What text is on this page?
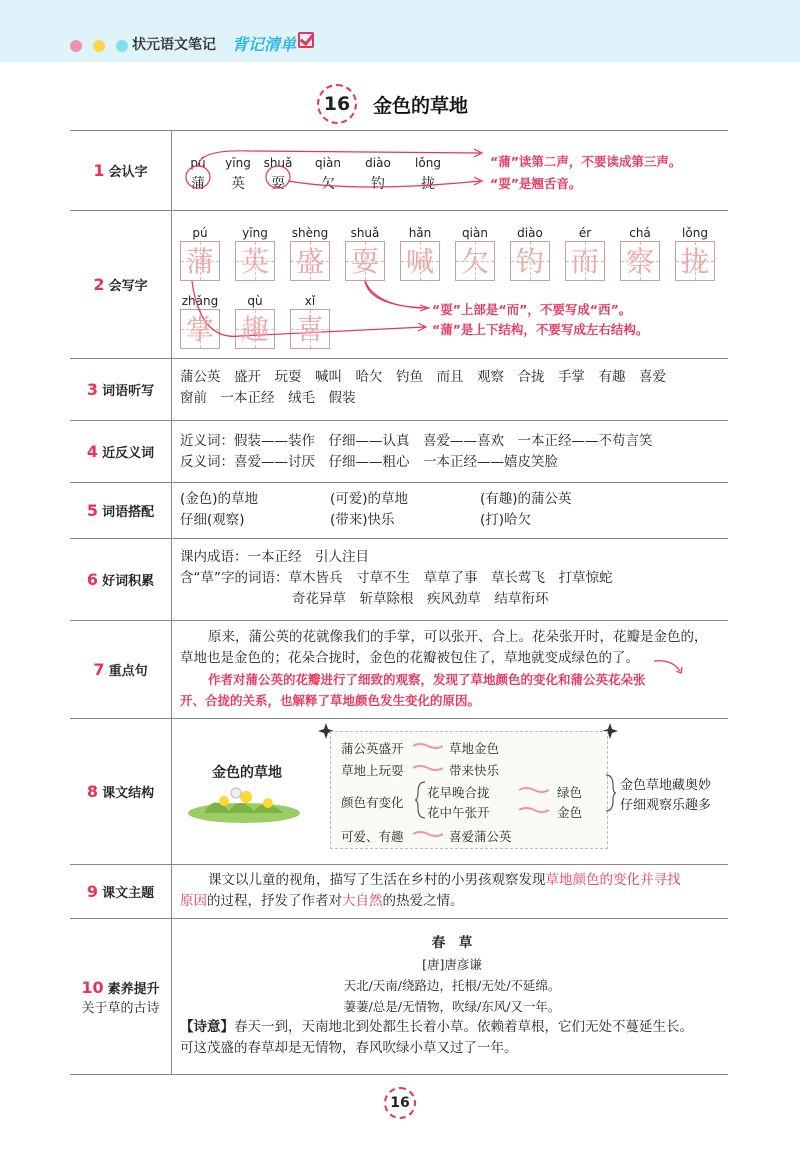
状元语文笔记 背记清单
16	金色的草地
1 会认字
pú
蒲
yīng
英
shuǎ
耍
qiàn
欠
diào
钓
lǒng
拢
“蒲”读第二声，不要读成第三声。
“耍”是翘舌音。
2 会写字
pú
蒲
yīng
英
shèng
盛
shuǎ
耍
hǎn
喊
qiàn
欠
diào
钓
ér
而
chá
察
lǒng
拢
zhǎng
掌
qù
趣
xǐ
喜
“耍”上部是“而”，不要写成“西”。
“蒲”是上下结构，不要写成左右结构。
3 词语听写
蒲公英　盛开　玩耍　喊叫　哈欠　钓鱼　而且　观察　合拢　手掌　有趣　喜爱
窗前　一本正经　绒毛　假装
4 近反义词
近义词：假装——装作　仔细——认真　喜爱——喜欢　一本正经——不苟言笑
反义词：喜爱——讨厌　仔细——粗心　一本正经——嬉皮笑脸
5 词语搭配
(金色)的草地	(可爱)的草地	(有趣)的蒲公英
仔细(观察)	(带来)快乐	(打)哈欠
6 好词积累
课内成语：一本正经　引人注目
含“草”字的词语：草木皆兵　寸草不生　草草了事　草长莺飞　打草惊蛇
奇花异草　斩草除根　疾风劲草　结草衔环
7 重点句
原来，蒲公英的花就像我们的手掌，可以张开、合上。花朵张开时，花瓣是金色的，
草地也是金色的；花朵合拢时，金色的花瓣被包住了，草地就变成绿色的了。
作者对蒲公英的花瓣进行了细致的观察，发现了草地颜色的变化和蒲公英花朵张
开、合拢的关系，也解释了草地颜色发生变化的原因。
8 课文结构
金色的草地
蒲公英盛开
草地上玩耍
颜色有变化
可爱、有趣
草地金色
带来快乐
花早晚合拢
花中午张开
喜爱蒲公英
绿色
金色
金色草地藏奥妙
仔细观察乐趣多
9 课文主题
课文以儿童的视角，描写了生活在乡村的小男孩观察发现草地颜色的变化并寻找
原因的过程，抒发了作者对大自然的热爱之情。
10 素养提升
关于草的古诗
春　草
[唐]唐彦谦
天北/天南/绕路边，托根/无处/不延绵。
萋萋/总是/无情物，吹绿/东风/又一年。
【诗意】春天一到，天南地北到处都生长着小草。依赖着草根，它们无处不蔓延生长。
可这茂盛的春草却是无情物，春风吹绿小草又过了一年。
16
